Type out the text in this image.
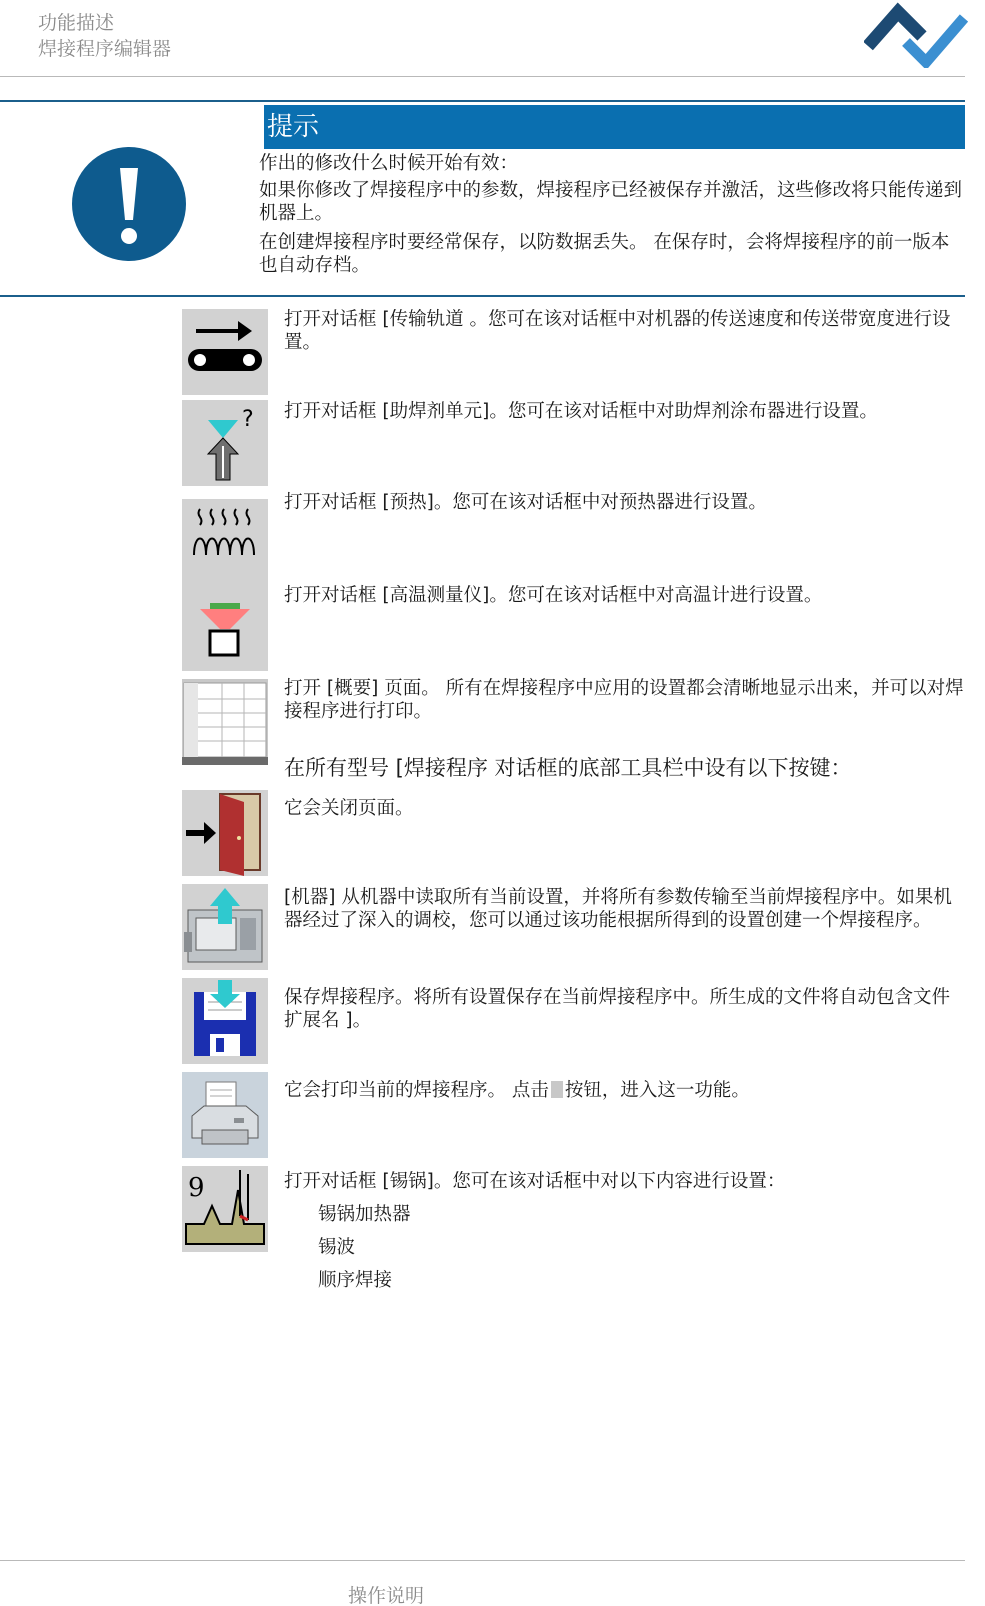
功能描述
焊接程序编辑器
提示

作出的修改什么时候开始有效：

如果你修改了焊接程序中的参数，焊接程序已经被保存并激活，这些修改将只能传递到机器上。

在创建焊接程序时要经常保存，以防数据丢失。 在保存时，会将焊接程序的前一版本也自动存档。

打开对话框 [传输轨道 。您可在该对话框中对机器的传送速度和传送带宽度进行设置。
? 打开对话框 [助焊剂单元]。您可在该对话框中对助焊剂涂布器进行设置。
打开对话框 [预热]。您可在该对话框中对预热器进行设置。
打开对话框 [高温测量仪]。您可在该对话框中对高温计进行设置。
打开 [概要] 页面。 所有在焊接程序中应用的设置都会清晰地显示出来，并可以对焊接程序进行打印。
在所有型号 [焊接程序 对话框的底部工具栏中设有以下按键：
它会关闭页面。
[机器] 从机器中读取所有当前设置，并将所有参数传输至当前焊接程序中。如果机器经过了深入的调校，您可以通过该功能根据所得到的设置创建一个焊接程序。
保存焊接程序。将所有设置保存在当前焊接程序中。所生成的文件将自动包含文件扩展名 ]。
它会打印当前的焊接程序。 点击 按钮，进入这一功能。
9	打开对话框 [锡锅]。您可在该对话框中对以下内容进行设置：
锡锅加热器
锡波
顺序焊接
操作说明
